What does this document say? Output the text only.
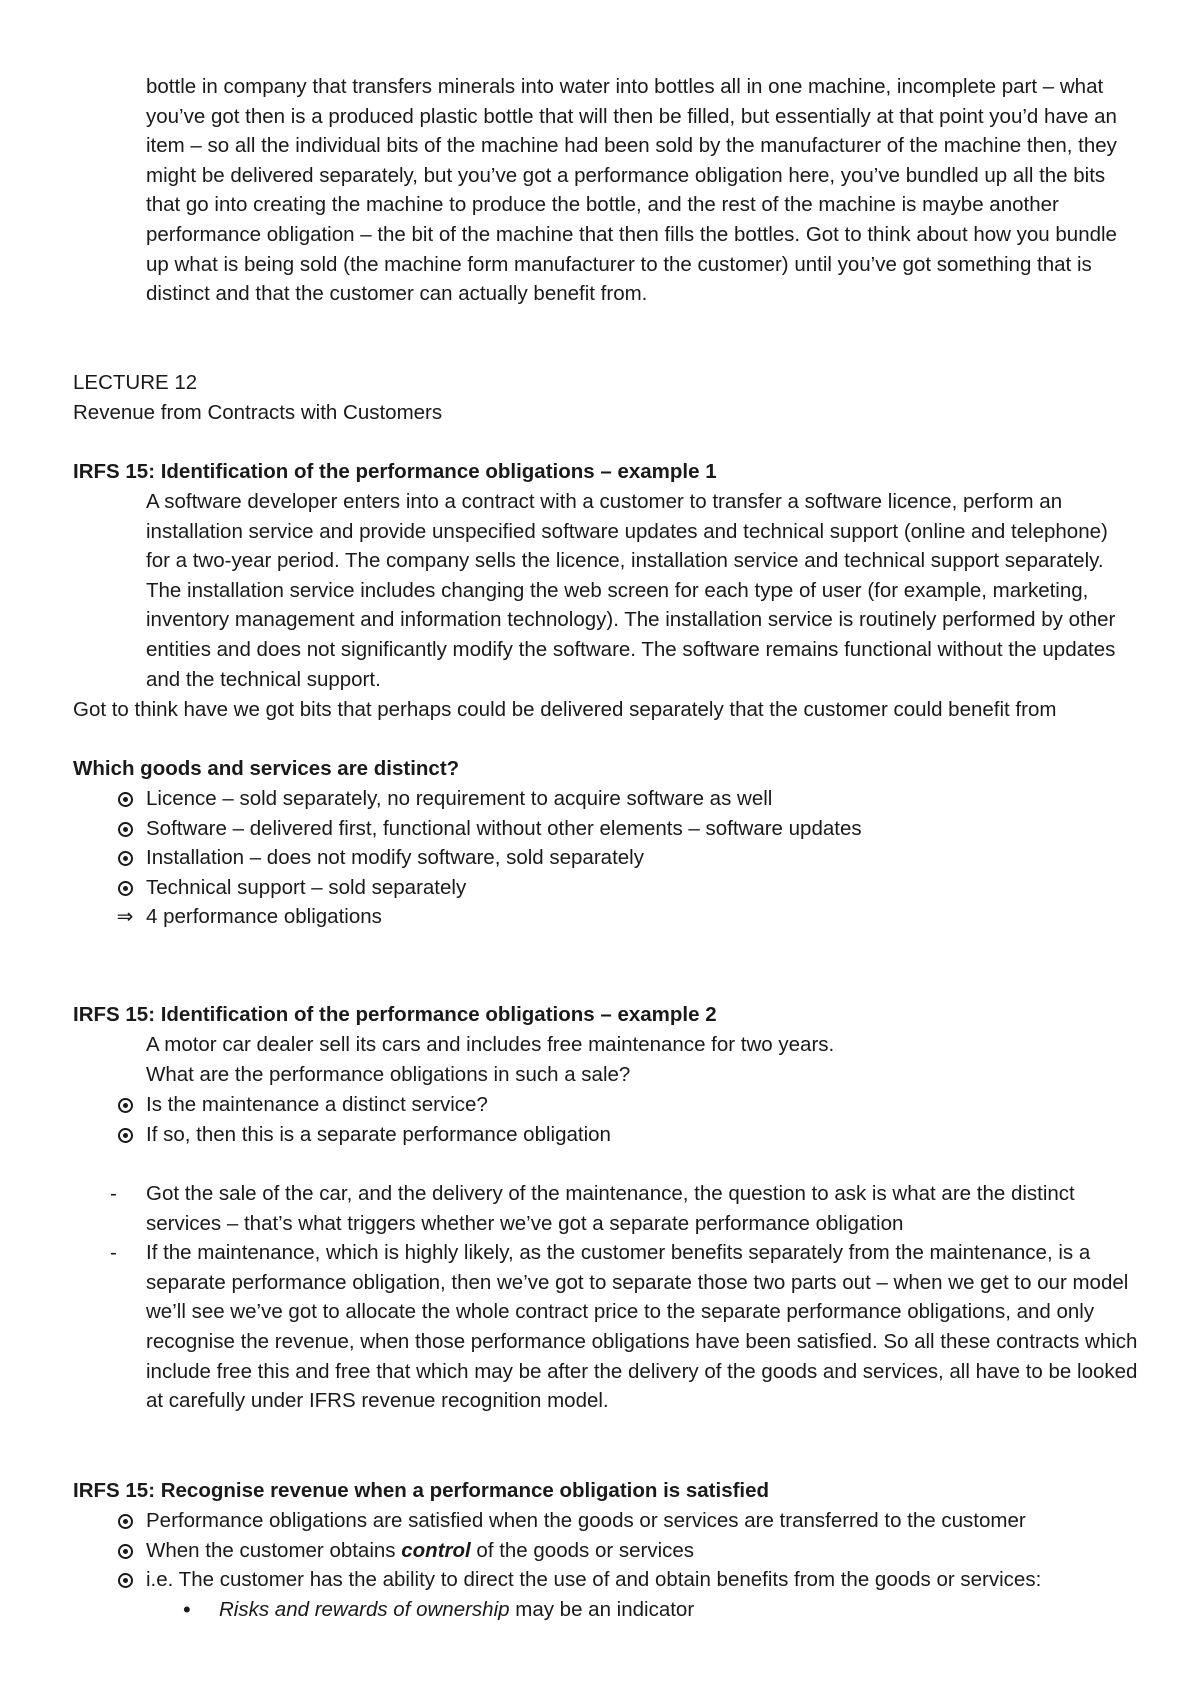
bottle in company that transfers minerals into water into bottles all in one machine, incomplete part – what you’ve got then is a produced plastic bottle that will then be filled, but essentially at that point you’d have an item – so all the individual bits of the machine had been sold by the manufacturer of the machine then, they might be delivered separately, but you’ve got a performance obligation here, you’ve bundled up all the bits that go into creating the machine to produce the bottle, and the rest of the machine is maybe another performance obligation – the bit of the machine that then fills the bottles. Got to think about how you bundle up what is being sold (the machine form manufacturer to the customer) until you’ve got something that is distinct and that the customer can actually benefit from.

LECTURE 12

Revenue from Contracts with Customers

IRFS 15: Identification of the performance obligations – example 1

A software developer enters into a contract with a customer to transfer a software licence, perform an installation service and provide unspecified software updates and technical support (online and telephone) for a two-year period. The company sells the licence, installation service and technical support separately. The installation service includes changing the web screen for each type of user (for example, marketing, inventory management and information technology). The installation service is routinely performed by other entities and does not significantly modify the software. The software remains functional without the updates and the technical support.

Got to think have we got bits that perhaps could be delivered separately that the customer could benefit from

Which goods and services are distinct?

Licence – sold separately, no requirement to acquire software as well
Software – delivered first, functional without other elements – software updates
Installation – does not modify software, sold separately
Technical support – sold separately
⇒ 4 performance obligations

IRFS 15: Identification of the performance obligations – example 2

A motor car dealer sell its cars and includes free maintenance for two years.

What are the performance obligations in such a sale?

Is the maintenance a distinct service?
If so, then this is a separate performance obligation
- Got the sale of the car, and the delivery of the maintenance, the question to ask is what are the distinct services – that’s what triggers whether we’ve got a separate performance obligation
- If the maintenance, which is highly likely, as the customer benefits separately from the maintenance, is a separate performance obligation, then we’ve got to separate those two parts out – when we get to our model we’ll see we’ve got to allocate the whole contract price to the separate performance obligations, and only recognise the revenue, when those performance obligations have been satisfied. So all these contracts which include free this and free that which may be after the delivery of the goods and services, all have to be looked at carefully under IFRS revenue recognition model.

IRFS 15: Recognise revenue when a performance obligation is satisfied

Performance obligations are satisfied when the goods or services are transferred to the customer
When the customer obtains control of the goods or services
i.e. The customer has the ability to direct the use of and obtain benefits from the goods or services:
• Risks and rewards of ownership may be an indicator
